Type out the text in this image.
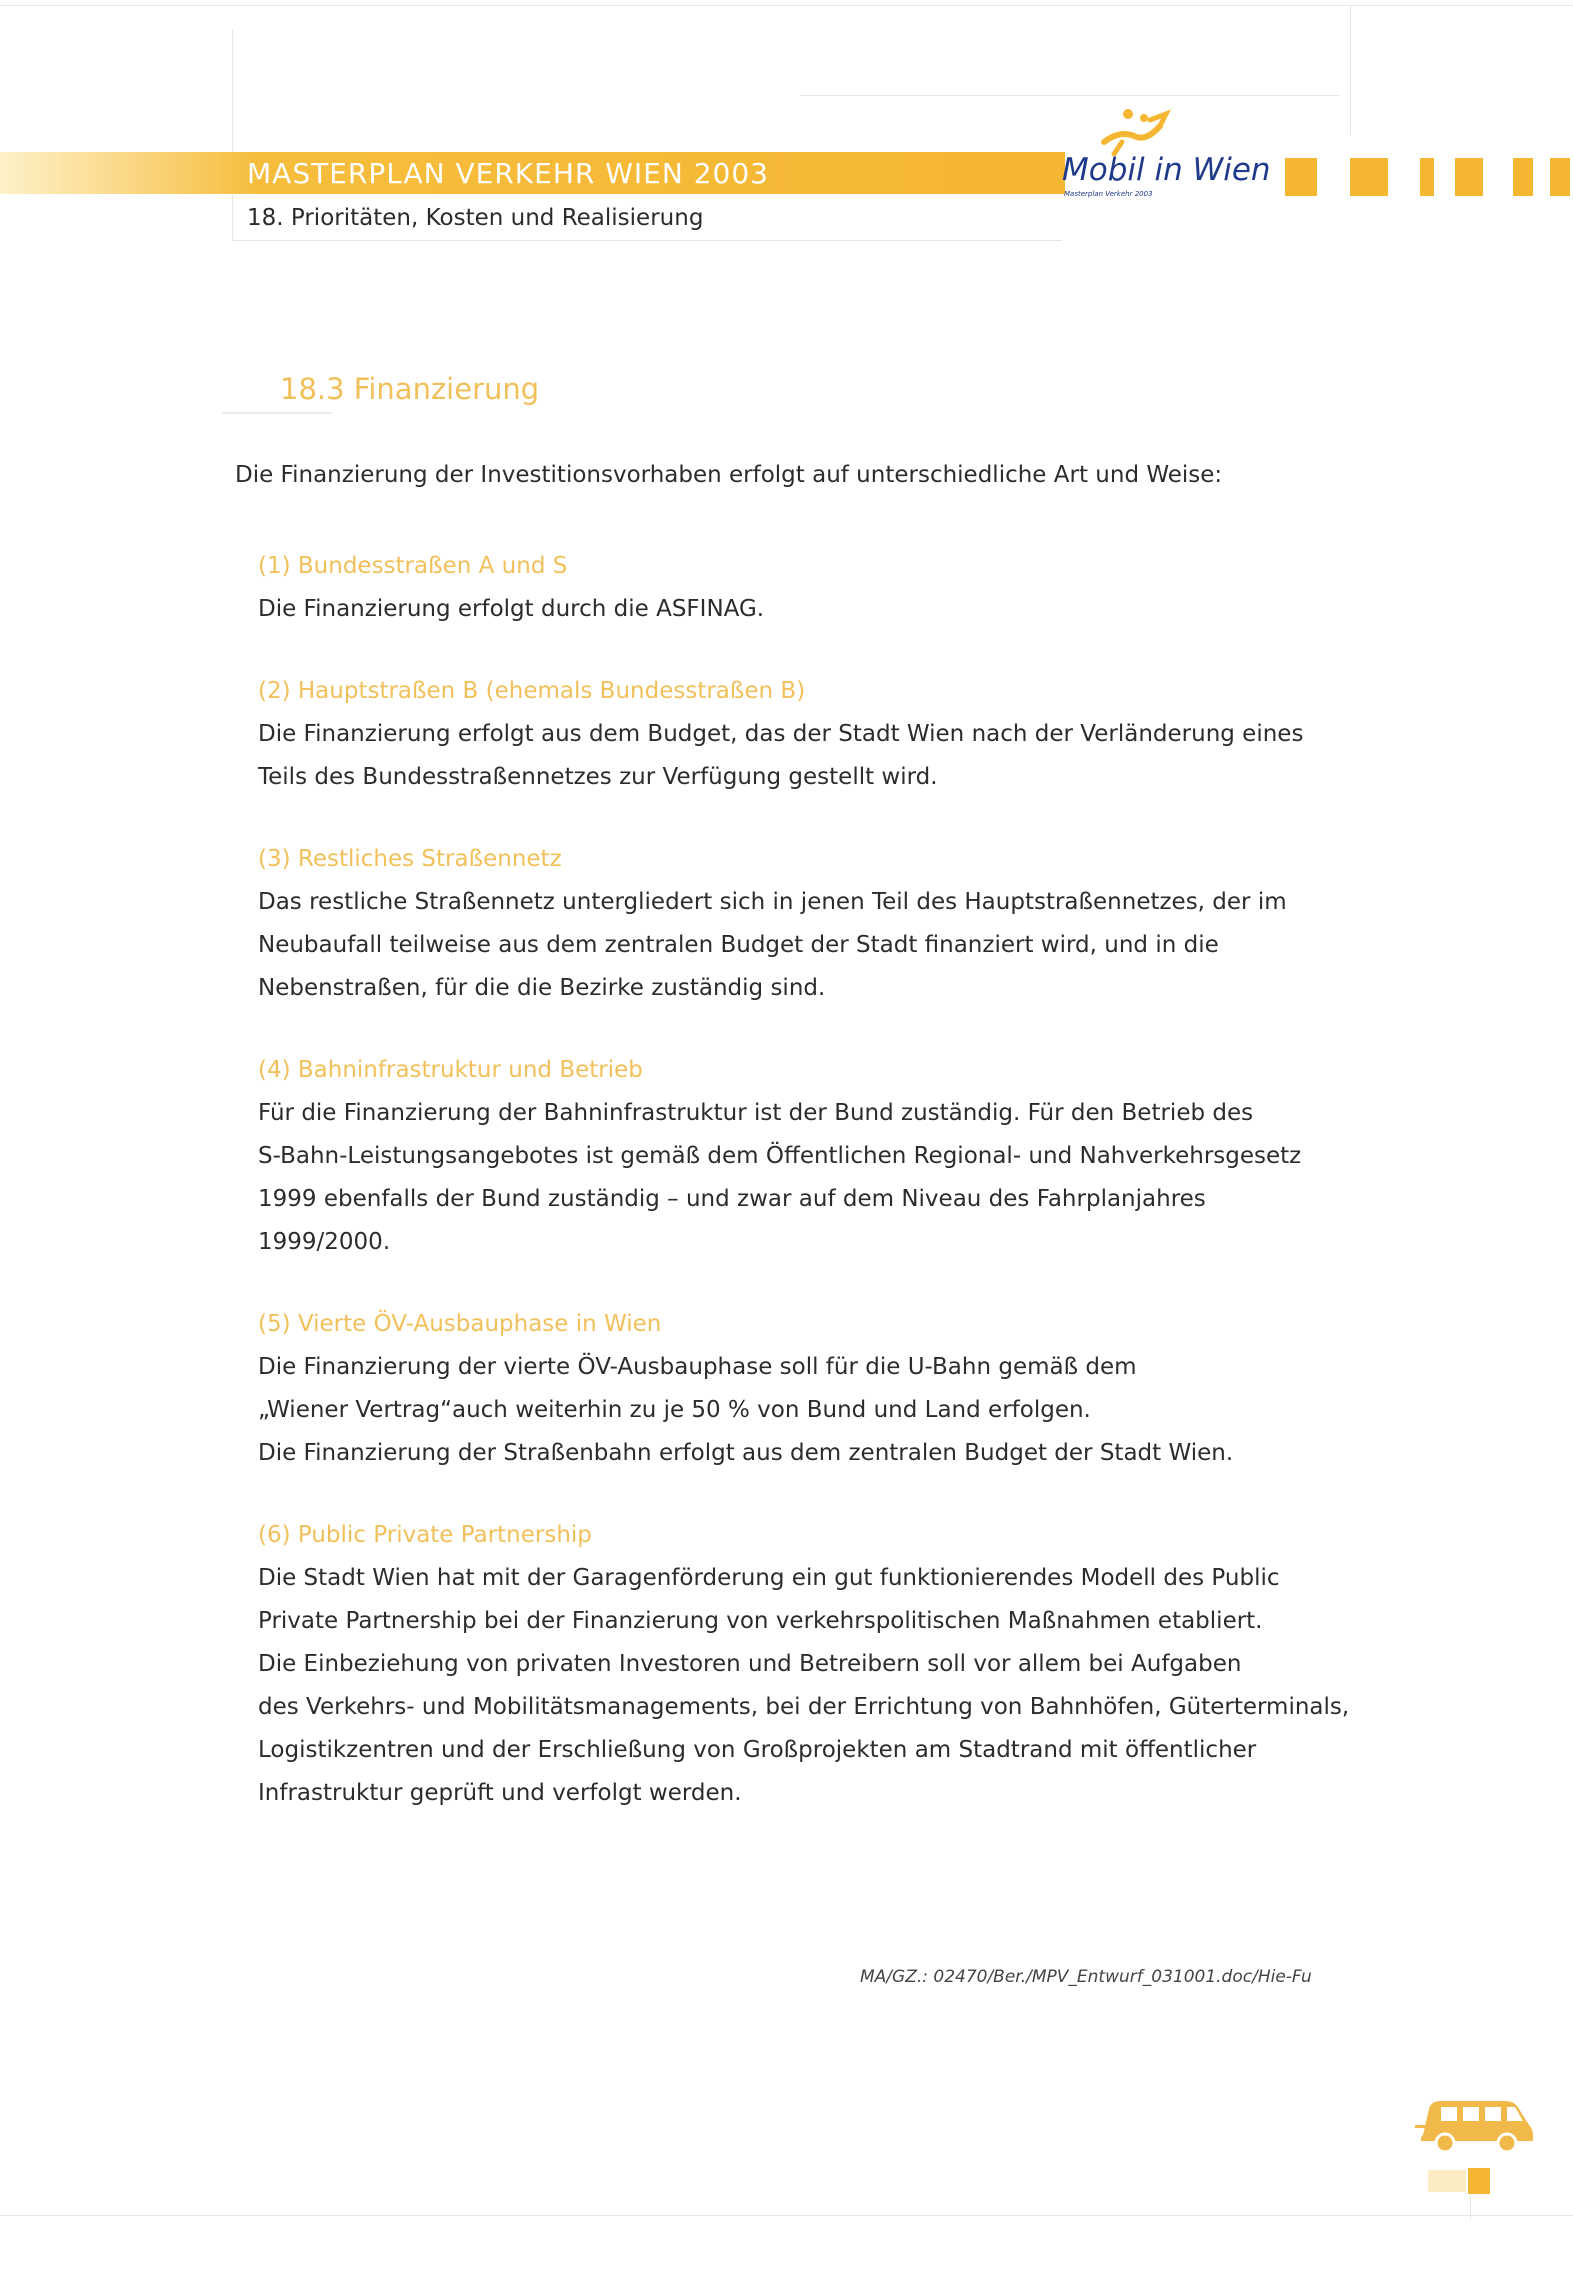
MASTERPLAN VERKEHR WIEN 2003
18. Prioritäten, Kosten und Realisierung
Mobil in Wien
Masterplan Verkehr 2003
18.3 Finanzierung
Die Finanzierung der Investitionsvorhaben erfolgt auf unterschiedliche Art und Weise:
(1) Bundesstraßen A und S
Die Finanzierung erfolgt durch die ASFINAG.
(2) Hauptstraßen B (ehemals Bundesstraßen B)
Die Finanzierung erfolgt aus dem Budget, das der Stadt Wien nach der Verländerung eines
Teils des Bundesstraßennetzes zur Verfügung gestellt wird.
(3) Restliches Straßennetz
Das restliche Straßennetz untergliedert sich in jenen Teil des Hauptstraßennetzes, der im
Neubaufall teilweise aus dem zentralen Budget der Stadt finanziert wird, und in die
Nebenstraßen, für die die Bezirke zuständig sind.
(4) Bahninfrastruktur und Betrieb
Für die Finanzierung der Bahninfrastruktur ist der Bund zuständig. Für den Betrieb des
S-Bahn-Leistungsangebotes ist gemäß dem Öffentlichen Regional- und Nahverkehrsgesetz
1999 ebenfalls der Bund zuständig – und zwar auf dem Niveau des Fahrplanjahres
1999/2000.
(5) Vierte ÖV-Ausbauphase in Wien
Die Finanzierung der vierte ÖV-Ausbauphase soll für die U-Bahn gemäß dem
„Wiener Vertrag“auch weiterhin zu je 50 % von Bund und Land erfolgen.
Die Finanzierung der Straßenbahn erfolgt aus dem zentralen Budget der Stadt Wien.
(6) Public Private Partnership
Die Stadt Wien hat mit der Garagenförderung ein gut funktionierendes Modell des Public
Private Partnership bei der Finanzierung von verkehrspolitischen Maßnahmen etabliert.
Die Einbeziehung von privaten Investoren und Betreibern soll vor allem bei Aufgaben
des Verkehrs- und Mobilitätsmanagements, bei der Errichtung von Bahnhöfen, Güterterminals,
Logistikzentren und der Erschließung von Großprojekten am Stadtrand mit öffentlicher
Infrastruktur geprüft und verfolgt werden.
MA/GZ.: 02470/Ber./MPV_Entwurf_031001.doc/Hie-Fu
